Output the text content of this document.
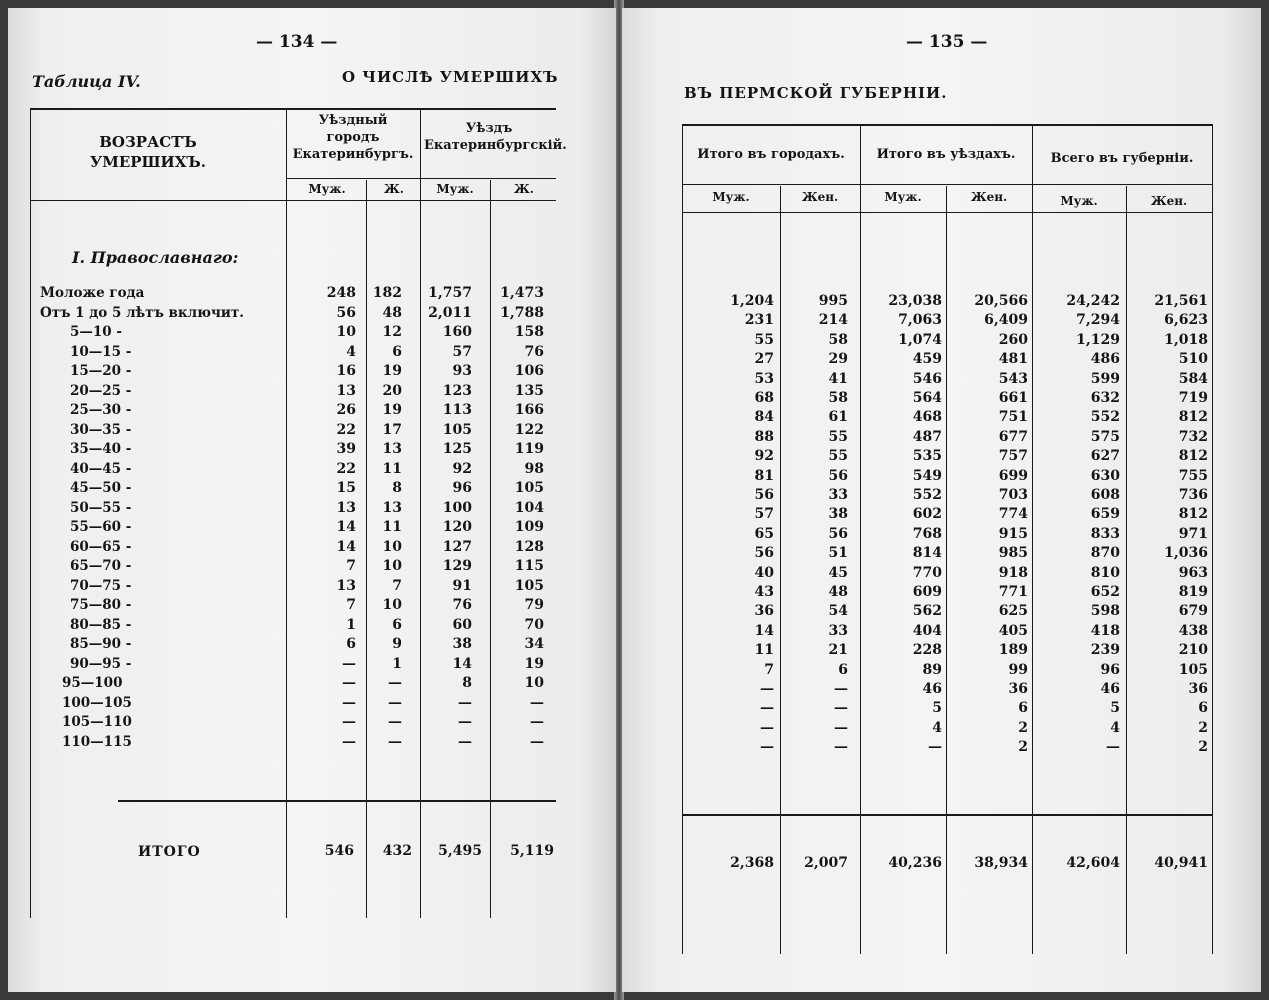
— 134 —
Таблица IV.	О ЧИСЛѢ УМЕРШИХЪ
ВОЗРАСТЪ УМЕРШИХЪ.
Уѣздный городъ Екатеринбургъ.
Уѣздъ Екатеринбургскій.
Муж.	Ж.	Муж.	Ж.
I. Православнаго:
Моложе года	248	182	1,757	1,473
Отъ 1 до 5 лѣтъ включит.	56	48	2,011	1,788
5—10 -	10	12	160	158
10—15 -	4	6	57	76
15—20 -	16	19	93	106
20—25 -	13	20	123	135
25—30 -	26	19	113	166
30—35 -	22	17	105	122
35—40 -	39	13	125	119
40—45 -	22	11	92	98
45—50 -	15	8	96	105
50—55 -	13	13	100	104
55—60 -	14	11	120	109
60—65 -	14	10	127	128
65—70 -	7	10	129	115
70—75 -	13	7	91	105
75—80 -	7	10	76	79
80—85 -	1	6	60	70
85—90 -	6	9	38	34
90—95 -	—	1	14	19
95—100	—	—	8	10
100—105	—	—	—	—
105—110	—	—	—	—
110—115	—	—	—	—
ИТОГО	546	432	5,495	5,119
— 135 —
ВЪ ПЕРМСКОЙ ГУБЕРНІИ.
Итого въ городахъ.	Итого въ уѣздахъ.	Всего въ губерніи.
Муж.	Жен.	Муж.	Жен.	Муж.	Жен.
1,204	995	23,038	20,566	24,242	21,561
231	214	7,063	6,409	7,294	6,623
55	58	1,074	260	1,129	1,018
27	29	459	481	486	510
53	41	546	543	599	584
68	58	564	661	632	719
84	61	468	751	552	812
88	55	487	677	575	732
92	55	535	757	627	812
81	56	549	699	630	755
56	33	552	703	608	736
57	38	602	774	659	812
65	56	768	915	833	971
56	51	814	985	870	1,036
40	45	770	918	810	963
43	48	609	771	652	819
36	54	562	625	598	679
14	33	404	405	418	438
11	21	228	189	239	210
7	6	89	99	96	105
—	—	46	36	46	36
—	—	5	6	5	6
—	—	4	2	4	2
—	—	—	2	—	2
2,368	2,007	40,236	38,934	42,604	40,941
